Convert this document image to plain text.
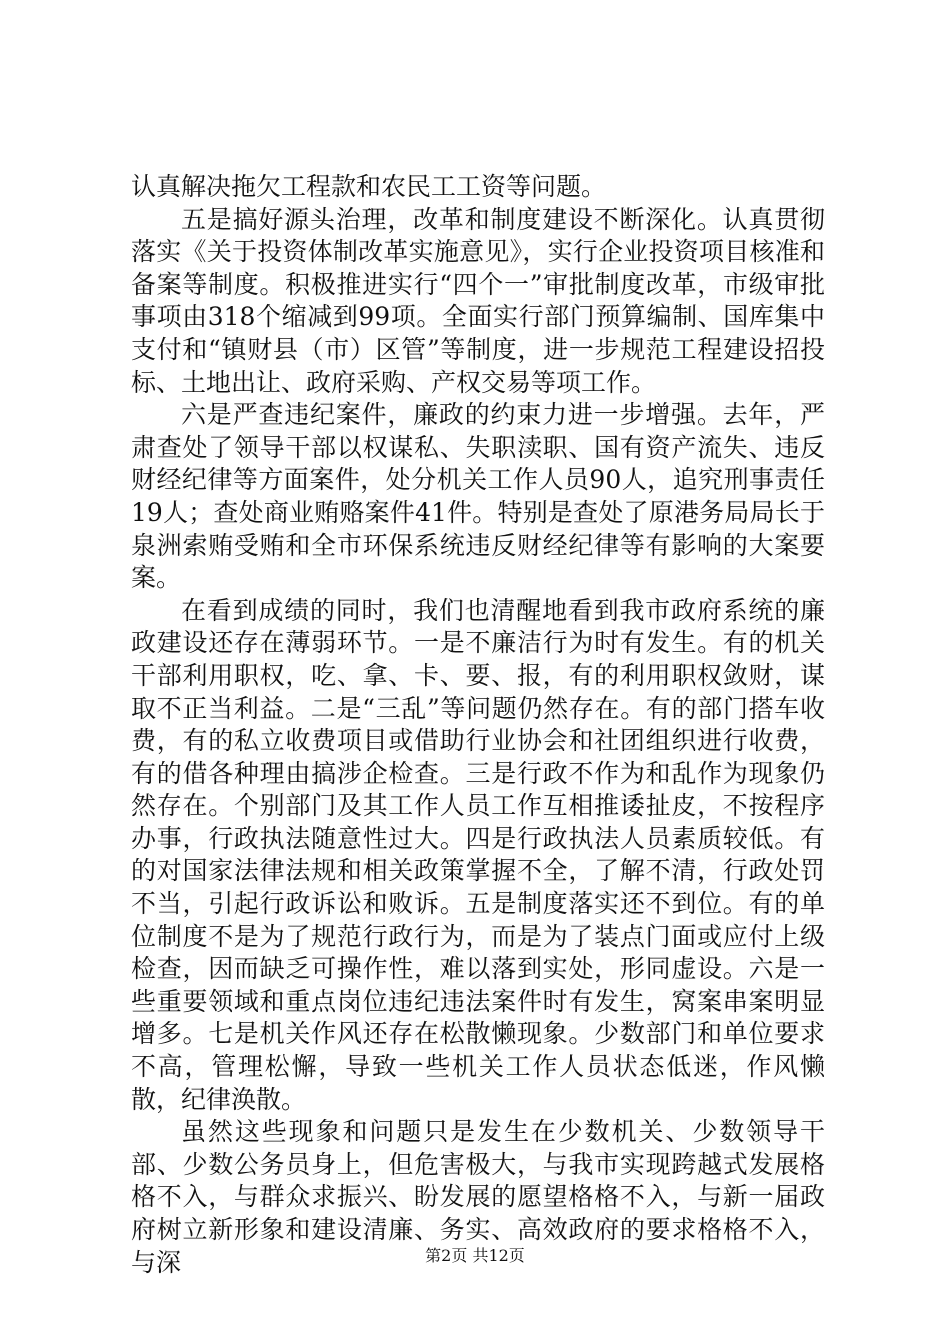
认真解决拖欠工程款和农民工工资等问题。

五是搞好源头治理，改革和制度建设不断深化。认真贯彻落实《关于投资体制改革实施意见》，实行企业投资项目核准和备案等制度。积极推进实行“四个一”审批制度改革，市级审批事项由318个缩减到99项。全面实行部门预算编制、国库集中支付和“镇财县（市）区管”等制度，进一步规范工程建设招投标、土地出让、政府采购、产权交易等项工作。

六是严查违纪案件，廉政的约束力进一步增强。去年，严肃查处了领导干部以权谋私、失职渎职、国有资产流失、违反财经纪律等方面案件，处分机关工作人员90人，追究刑事责任19人；查处商业贿赂案件41件。特别是查处了原港务局局长于泉洲索贿受贿和全市环保系统违反财经纪律等有影响的大案要案。

在看到成绩的同时，我们也清醒地看到我市政府系统的廉政建设还存在薄弱环节。一是不廉洁行为时有发生。有的机关干部利用职权，吃、拿、卡、要、报，有的利用职权敛财，谋取不正当利益。二是“三乱”等问题仍然存在。有的部门搭车收费，有的私立收费项目或借助行业协会和社团组织进行收费，有的借各种理由搞涉企检查。三是行政不作为和乱作为现象仍然存在。个别部门及其工作人员工作互相推诿扯皮，不按程序办事，行政执法随意性过大。四是行政执法人员素质较低。有的对国家法律法规和相关政策掌握不全，了解不清，行政处罚不当，引起行政诉讼和败诉。五是制度落实还不到位。有的单位制度不是为了规范行政行为，而是为了装点门面或应付上级检查，因而缺乏可操作性，难以落到实处，形同虚设。六是一些重要领域和重点岗位违纪违法案件时有发生，窝案串案明显增多。七是机关作风还存在松散懒现象。少数部门和单位要求不高，管理松懈，导致一些机关工作人员状态低迷，作风懒散，纪律涣散。

虽然这些现象和问题只是发生在少数机关、少数领导干部、少数公务员身上，但危害极大，与我市实现跨越式发展格格不入，与群众求振兴、盼发展的愿望格格不入，与新一届政府树立新形象和建设清廉、务实、高效政府的要求格格不入，与深	第2页 共12页
